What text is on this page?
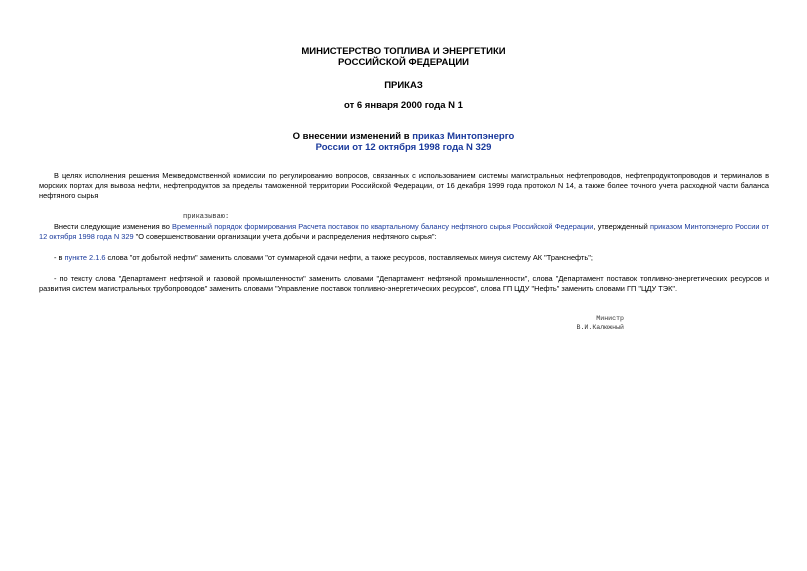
МИНИСТЕРСТВО ТОПЛИВА И ЭНЕРГЕТИКИ
РОССИЙСКОЙ ФЕДЕРАЦИИ
ПРИКАЗ
от 6 января 2000 года N 1
О внесении изменений в приказ Минтопэнерго
России от 12 октября 1998 года N 329
В целях исполнения решения Межведомственной комиссии по регулированию вопросов, связанных с использованием системы магистральных нефтепроводов, нефтепродуктопроводов и терминалов в морских портах для вывоза нефти, нефтепродуктов за пределы таможенной территории Российской Федерации, от 16 декабря 1999 года протокол N 14, а также более точного учета расходной части баланса нефтяного сырья
приказываю:
Внести следующие изменения во Временный порядок формирования Расчета поставок по квартальному балансу нефтяного сырья Российской Федерации, утвержденный приказом Минтопэнерго России от 12 октября 1998 года N 329 "О совершенствовании организации учета добычи и распределения нефтяного сырья":
- в пункте 2.1.6 слова "от добытой нефти" заменить словами "от суммарной сдачи нефти, а также ресурсов, поставляемых минуя систему АК "Транснефть";
- по тексту слова "Департамент нефтяной и газовой промышленности" заменить словами "Департамент нефтяной промышленности", слова "Департамент поставок топливно-энергетических ресурсов и развития систем магистральных трубопроводов" заменить словами "Управление поставок топливно-энергетических ресурсов", слова ГП ЦДУ "Нефть" заменить словами ГП "ЦДУ ТЭК".
Министр
В.И.Калюжный
